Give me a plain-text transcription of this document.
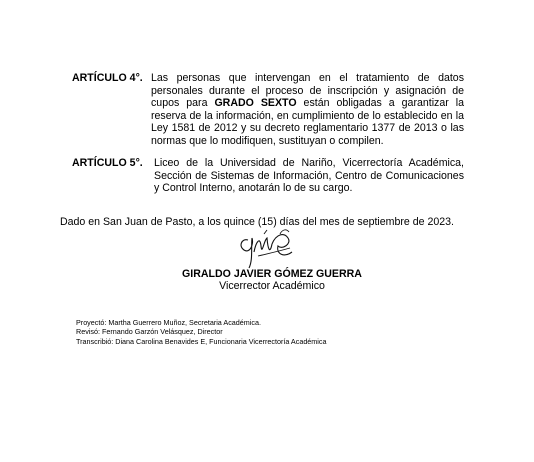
ARTÍCULO 4°. Las personas que intervengan en el tratamiento de datos personales durante el proceso de inscripción y asignación de cupos para GRADO SEXTO están obligadas a garantizar la reserva de la información, en cumplimiento de lo establecido en la Ley 1581 de 2012 y su decreto reglamentario 1377 de 2013 o las normas que lo modifiquen, sustituyan o compilen.
ARTÍCULO 5°. Liceo de la Universidad de Nariño, Vicerrectoría Académica, Sección de Sistemas de Información, Centro de Comunicaciones y Control Interno, anotarán lo de su cargo.
Dado en San Juan de Pasto, a los quince (15) días del mes de septiembre de 2023.
GIRALDO JAVIER GÓMEZ GUERRA
Vicerrector Académico
Proyectó: Martha Guerrero Muñoz, Secretaria Académica.
Revisó: Fernando Garzón Velásquez, Director
Transcribió: Diana Carolina Benavides E, Funcionaria Vicerrectoría Académica
